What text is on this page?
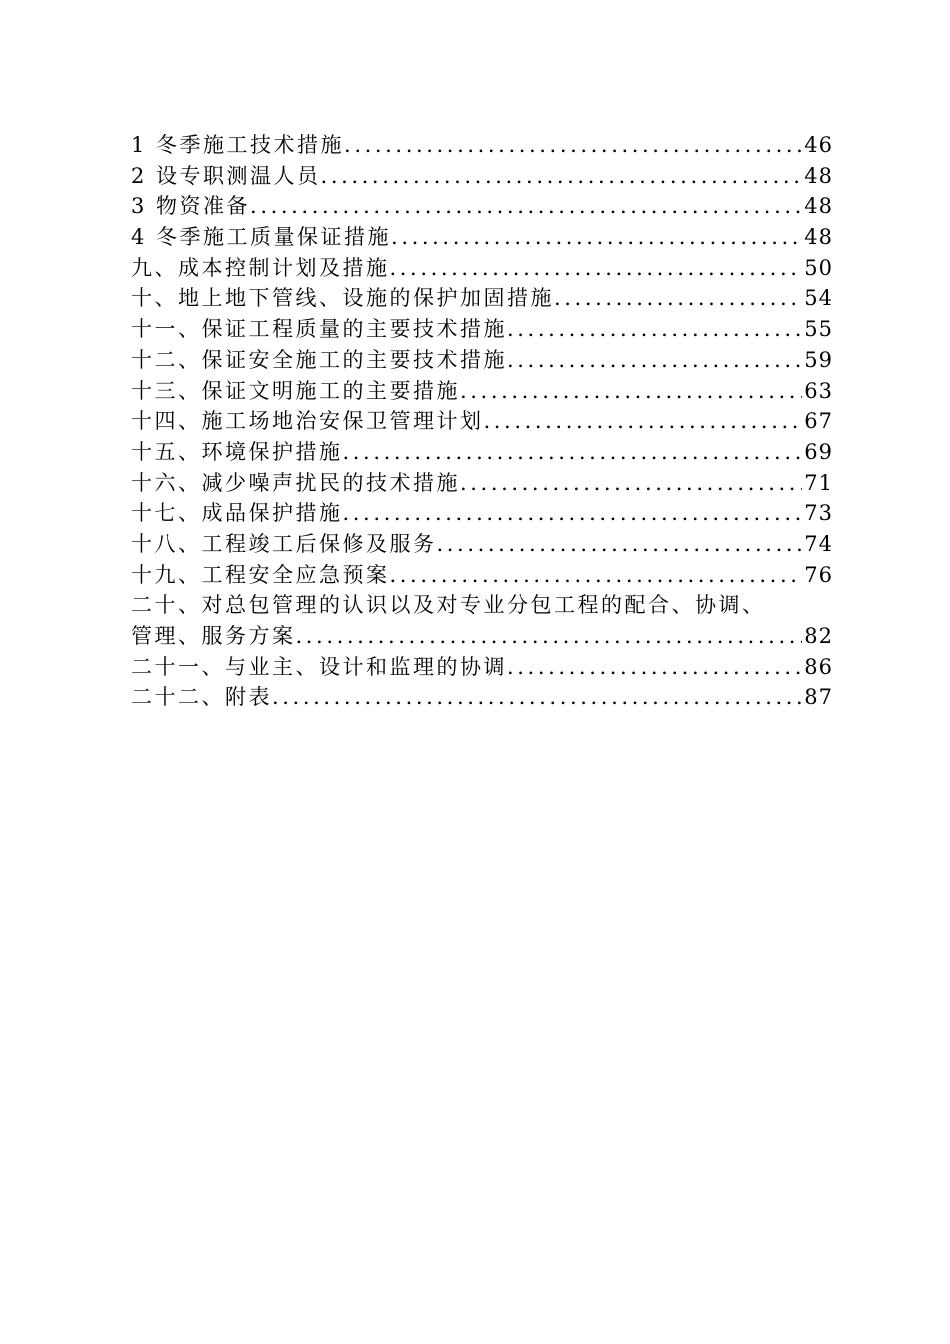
1 冬季施工技术措施 .....	46
2 设专职测温人员 .....	48
3 物资准备 .....	48
4 冬季施工质量保证措施 .....	48
九、成本控制计划及措施 .....	50
十、地上地下管线、设施的保护加固措施 .....	54
十一、保证工程质量的主要技术措施 .....	55
十二、保证安全施工的主要技术措施 .....	59
十三、保证文明施工的主要措施 .....	63
十四、施工场地治安保卫管理计划 .....	67
十五、环境保护措施 .....	69
十六、减少噪声扰民的技术措施 .....	71
十七、成品保护措施 .....	73
十八、工程竣工后保修及服务 .....	74
十九、工程安全应急预案 .....	76
二十、对总包管理的认识以及对专业分包工程的配合、协调、
管理、服务方案 .....	82
二十一、与业主、设计和监理的协调 .....	86
二十二、附表 .....	87
